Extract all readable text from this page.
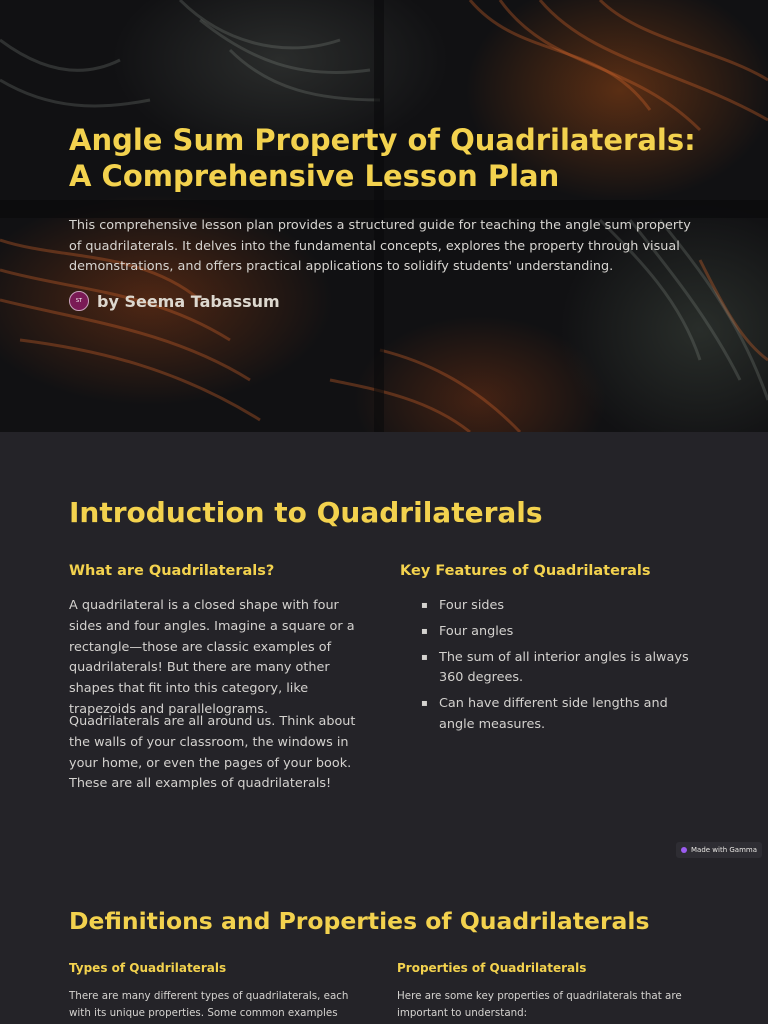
Angle Sum Property of Quadrilaterals:
A Comprehensive Lesson Plan

This comprehensive lesson plan provides a structured guide for teaching the angle sum property of quadrilaterals. It delves into the fundamental concepts, explores the property through visual demonstrations, and offers practical applications to solidify students' understanding.

ST by Seema Tabassum
Introduction to Quadrilaterals
What are Quadrilaterals?

A quadrilateral is a closed shape with four sides and four angles. Imagine a square or a rectangle—those are classic examples of quadrilaterals! But there are many other shapes that fit into this category, like trapezoids and parallelograms.

Quadrilaterals are all around us. Think about the walls of your classroom, the windows in your home, or even the pages of your book. These are all examples of quadrilaterals!

Key Features of Quadrilaterals
▪ Four sides
▪ Four angles
▪ The sum of all interior angles is always 360 degrees.
▪ Can have different side lengths and angle measures.
Made with Gamma
Definitions and Properties of Quadrilaterals
Types of Quadrilaterals

There are many different types of quadrilaterals, each with its unique properties. Some common examples

Properties of Quadrilaterals

Here are some key properties of quadrilaterals that are important to understand:
